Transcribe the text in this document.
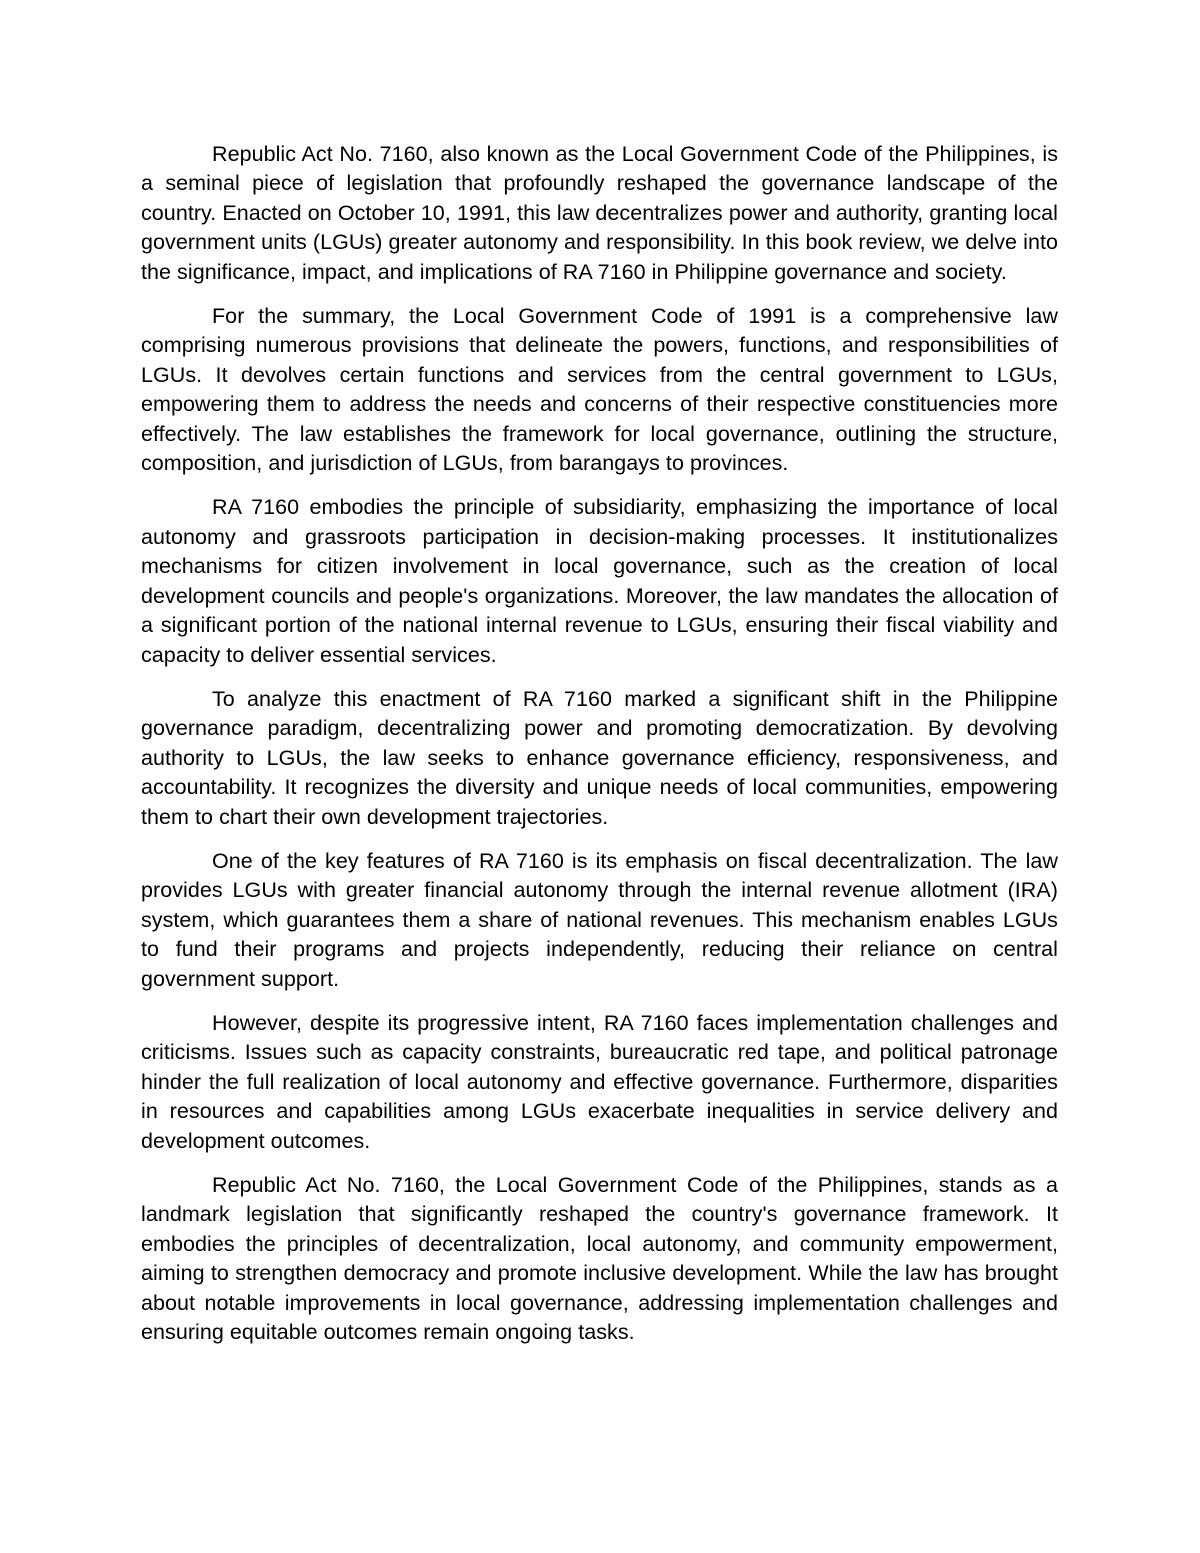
Republic Act No. 7160, also known as the Local Government Code of the Philippines, is a seminal piece of legislation that profoundly reshaped the governance landscape of the country. Enacted on October 10, 1991, this law decentralizes power and authority, granting local government units (LGUs) greater autonomy and responsibility. In this book review, we delve into the significance, impact, and implications of RA 7160 in Philippine governance and society.

For the summary, the Local Government Code of 1991 is a comprehensive law comprising numerous provisions that delineate the powers, functions, and responsibilities of LGUs. It devolves certain functions and services from the central government to LGUs, empowering them to address the needs and concerns of their respective constituencies more effectively. The law establishes the framework for local governance, outlining the structure, composition, and jurisdiction of LGUs, from barangays to provinces.

RA 7160 embodies the principle of subsidiarity, emphasizing the importance of local autonomy and grassroots participation in decision-making processes. It institutionalizes mechanisms for citizen involvement in local governance, such as the creation of local development councils and people's organizations. Moreover, the law mandates the allocation of a significant portion of the national internal revenue to LGUs, ensuring their fiscal viability and capacity to deliver essential services.

To analyze this enactment of RA 7160 marked a significant shift in the Philippine governance paradigm, decentralizing power and promoting democratization. By devolving authority to LGUs, the law seeks to enhance governance efficiency, responsiveness, and accountability. It recognizes the diversity and unique needs of local communities, empowering them to chart their own development trajectories.

One of the key features of RA 7160 is its emphasis on fiscal decentralization. The law provides LGUs with greater financial autonomy through the internal revenue allotment (IRA) system, which guarantees them a share of national revenues. This mechanism enables LGUs to fund their programs and projects independently, reducing their reliance on central government support.

However, despite its progressive intent, RA 7160 faces implementation challenges and criticisms. Issues such as capacity constraints, bureaucratic red tape, and political patronage hinder the full realization of local autonomy and effective governance. Furthermore, disparities in resources and capabilities among LGUs exacerbate inequalities in service delivery and development outcomes.

Republic Act No. 7160, the Local Government Code of the Philippines, stands as a landmark legislation that significantly reshaped the country's governance framework. It embodies the principles of decentralization, local autonomy, and community empowerment, aiming to strengthen democracy and promote inclusive development. While the law has brought about notable improvements in local governance, addressing implementation challenges and ensuring equitable outcomes remain ongoing tasks.
